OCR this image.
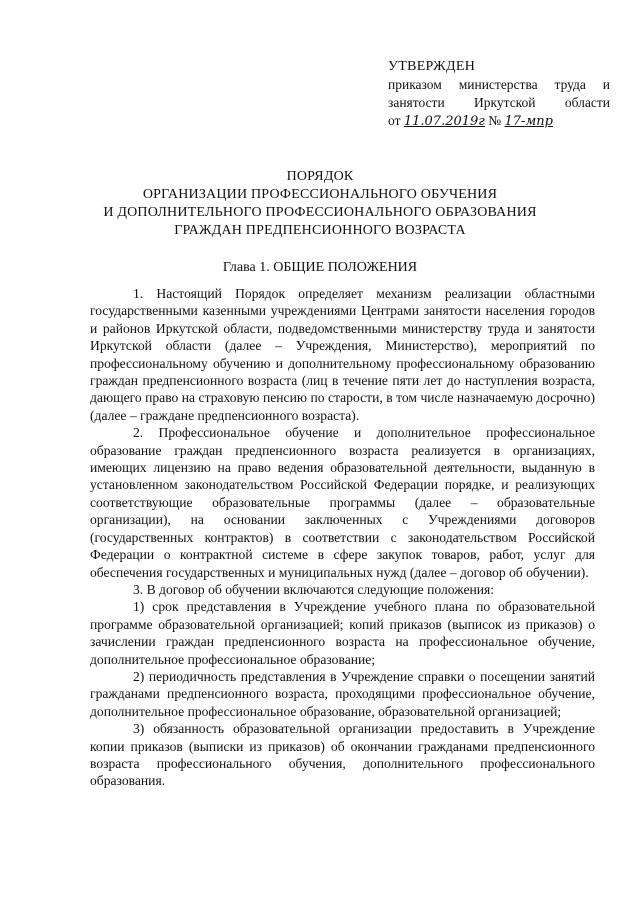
УТВЕРЖДЕН
приказом министерства труда и
занятости Иркутской области
от 11.07.2019г № 17-мпр
ПОРЯДОК
ОРГАНИЗАЦИИ ПРОФЕССИОНАЛЬНОГО ОБУЧЕНИЯ
И ДОПОЛНИТЕЛЬНОГО ПРОФЕССИОНАЛЬНОГО ОБРАЗОВАНИЯ
ГРАЖДАН ПРЕДПЕНСИОННОГО ВОЗРАСТА
Глава 1. ОБЩИЕ ПОЛОЖЕНИЯ

1. Настоящий Порядок определяет механизм реализации областными государственными казенными учреждениями Центрами занятости населения городов и районов Иркутской области, подведомственными министерству труда и занятости Иркутской области (далее – Учреждения, Министерство), мероприятий по профессиональному обучению и дополнительному профессиональному образованию граждан предпенсионного возраста (лиц в течение пяти лет до наступления возраста, дающего право на страховую пенсию по старости, в том числе назначаемую досрочно) (далее – граждане предпенсионного возраста).

2. Профессиональное обучение и дополнительное профессиональное образование граждан предпенсионного возраста реализуется в организациях, имеющих лицензию на право ведения образовательной деятельности, выданную в установленном законодательством Российской Федерации порядке, и реализующих соответствующие образовательные программы (далее – образовательные организации), на основании заключенных с Учреждениями договоров (государственных контрактов) в соответствии с законодательством Российской Федерации о контрактной системе в сфере закупок товаров, работ, услуг для обеспечения государственных и муниципальных нужд (далее – договор об обучении).

3. В договор об обучении включаются следующие положения:

1) срок представления в Учреждение учебного плана по образовательной программе образовательной организацией; копий приказов (выписок из приказов) о зачислении граждан предпенсионного возраста на профессиональное обучение, дополнительное профессиональное образование;

2) периодичность представления в Учреждение справки о посещении занятий гражданами предпенсионного возраста, проходящими профессиональное обучение, дополнительное профессиональное образование, образовательной организацией;

3) обязанность образовательной организации предоставить в Учреждение копии приказов (выписки из приказов) об окончании гражданами предпенсионного возраста профессионального обучения, дополнительного профессионального образования.
